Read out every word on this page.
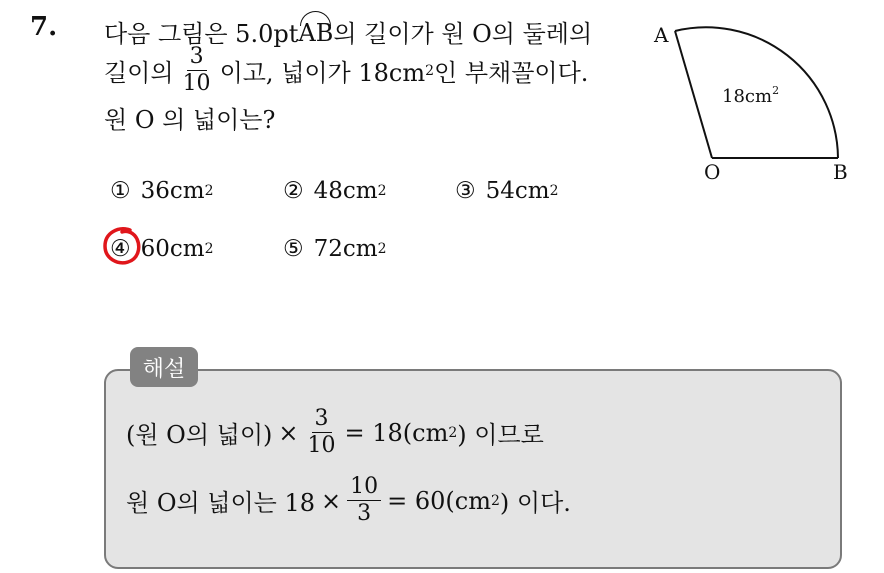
7. 다음 그림은 5.0pt AB 의 길이가 원 O의 둘레의
길이의 $\frac{3}{10}$ 이고, 넓이가 18cm 2 인 부채꼴이다.
원 O 의 넓이는?
A
O	B
$18cm^2$
① 36cm 2	② 48cm 2	③ 54cm 2
④ 60cm 2	⑤ 72cm 2
해설
(원 O의 넓이) × $\frac{3}{10} = 18(cm$ 2 ) 이므로
원 O의 넓이는 $18 \times \frac{10}{3} = 60(cm$ 2 ) 이다.
